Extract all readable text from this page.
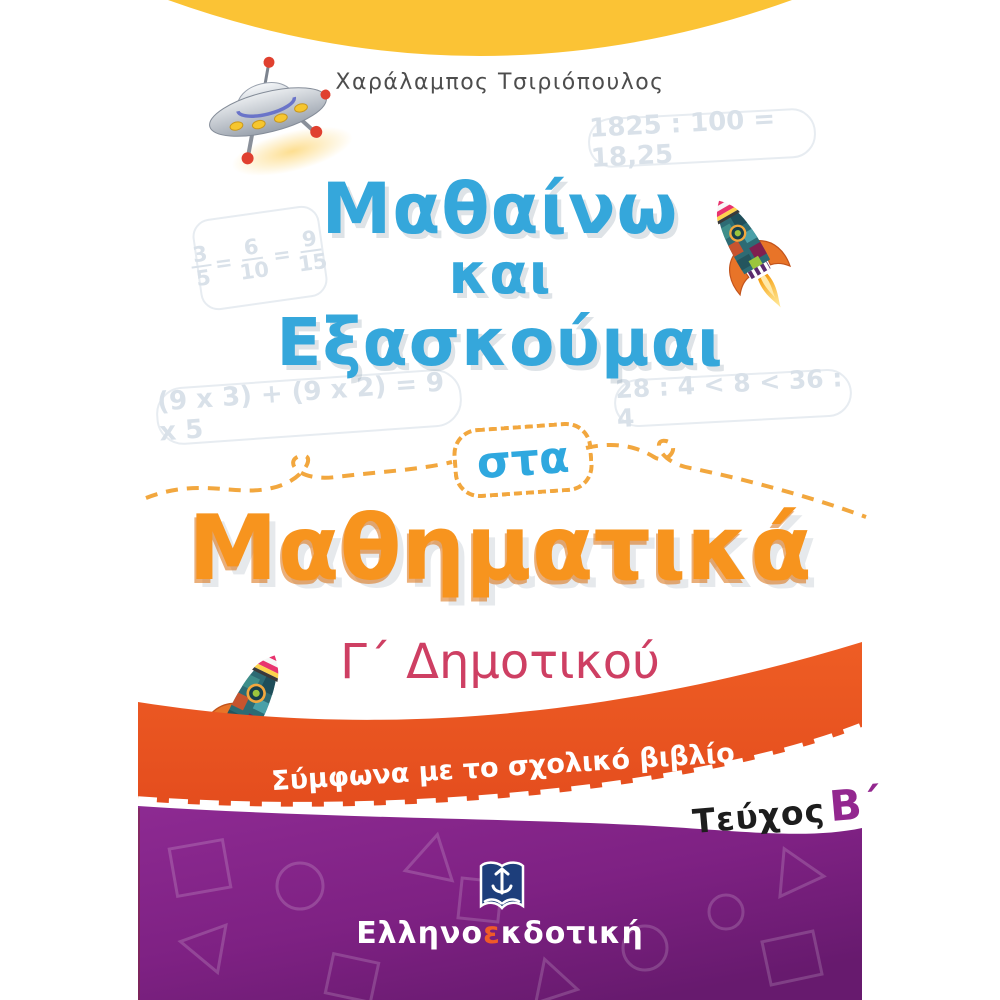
Χαράλαμπος Τσιριόπουλος
1825 : 100 = 18,25
$\frac{3}{5}$
=
$\frac{6}{10}$
=
$\frac{9}{15}$
(9 x 3) + (9 x 2) = 9 x 5
28 : 4 < 8 < 36 : 4
Μαθαίνω
και
Εξασκούμαι
στα
Μαθηματικά
Γ΄ Δημοτικού
Σύμφωνα με το σχολικό βιβλίο
Τεύχος Β΄
Ελληνοεκδοτική
